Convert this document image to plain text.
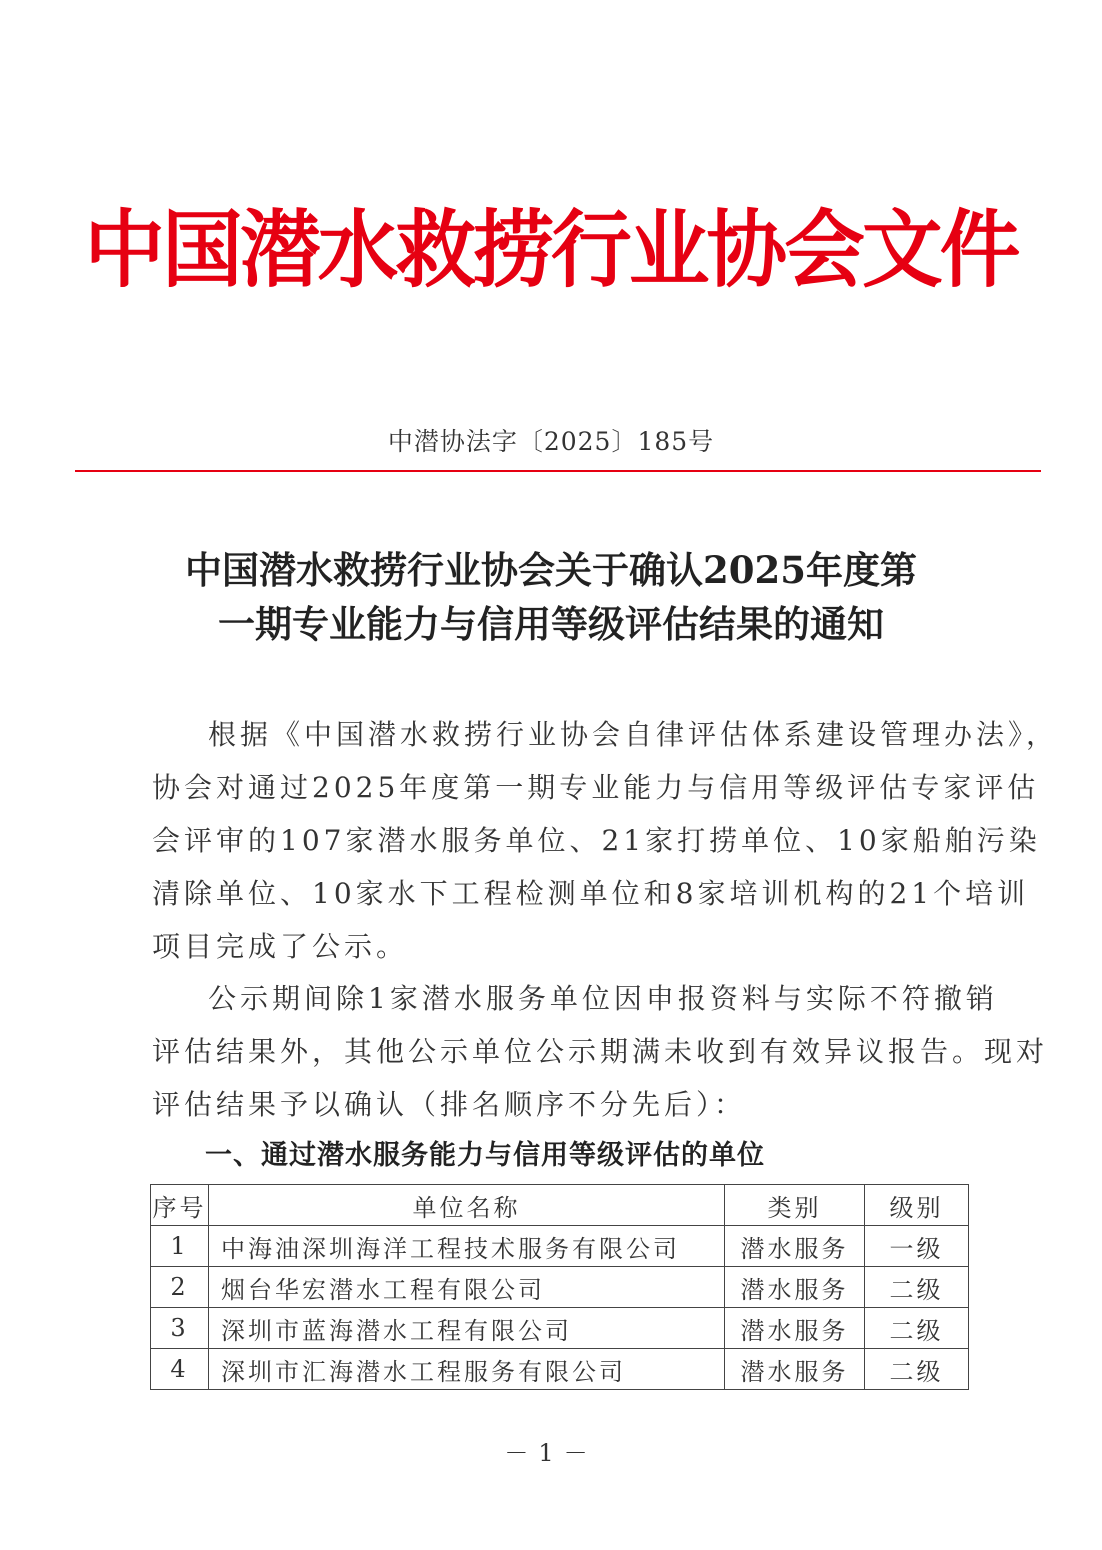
中国潜水救捞行业协会文件
中潜协法字〔2025〕185号
中国潜水救捞行业协会关于确认2025年度第
一期专业能力与信用等级评估结果的通知
根据《中国潜水救捞行业协会自律评估体系建设管理办法》，
协会对通过2025年度第一期专业能力与信用等级评估专家评估
会评审的107家潜水服务单位、21家打捞单位、10家船舶污染
清除单位、10家水下工程检测单位和8家培训机构的21个培训
项目完成了公示。
公示期间除1家潜水服务单位因申报资料与实际不符撤销
评估结果外，其他公示单位公示期满未收到有效异议报告。现对
评估结果予以确认（排名顺序不分先后）：
一、通过潜水服务能力与信用等级评估的单位
序号	单位名称	类别	级别
1	中海油深圳海洋工程技术服务有限公司	潜水服务	一级
2	烟台华宏潜水工程有限公司	潜水服务	二级
3	深圳市蓝海潜水工程有限公司	潜水服务	二级
4	深圳市汇海潜水工程服务有限公司	潜水服务	二级
－1－
